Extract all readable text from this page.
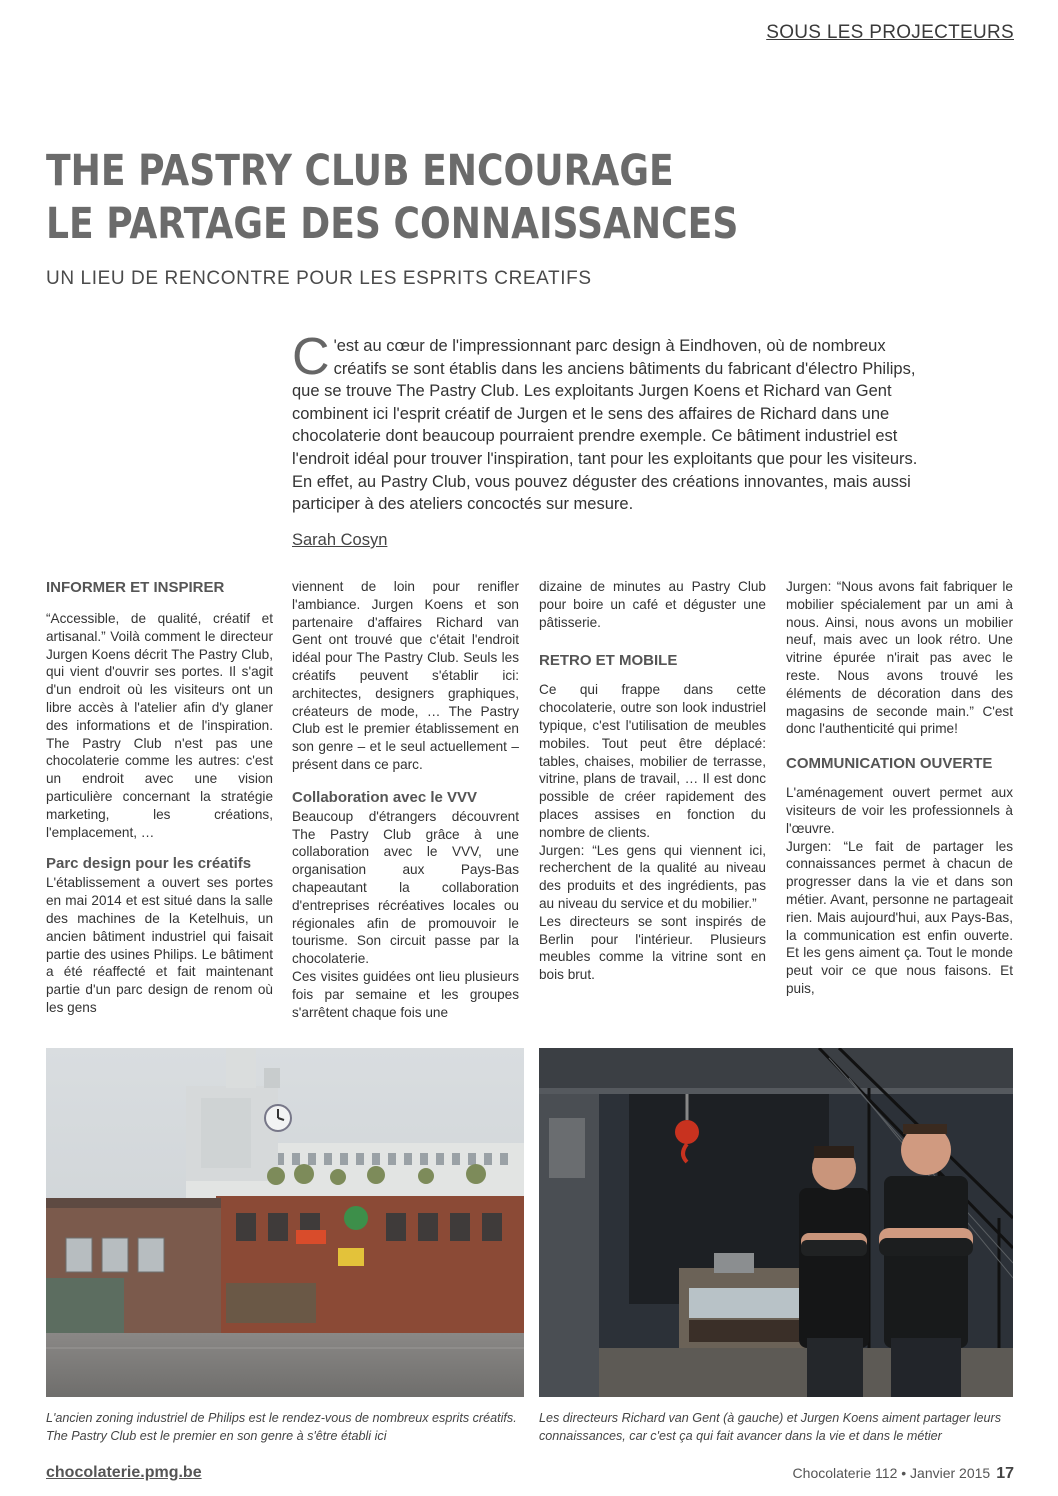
SOUS LES PROJECTEURS
THE PASTRY CLUB ENCOURAGE
LE PARTAGE DES CONNAISSANCES
UN LIEU DE RENCONTRE POUR LES ESPRITS CREATIFS

C 'est au cœur de l'impressionnant parc design à Eindhoven, où de nombreux créatifs se sont établis dans les anciens bâtiments du fabricant d'électro Philips, que se trouve The Pastry Club. Les exploitants Jurgen Koens et Richard van Gent combinent ici l'esprit créatif de Jurgen et le sens des affaires de Richard dans une chocolaterie dont beaucoup pourraient prendre exemple. Ce bâtiment industriel est l'endroit idéal pour trouver l'inspiration, tant pour les exploitants que pour les visiteurs. En effet, au Pastry Club, vous pouvez déguster des créations innovantes, mais aussi participer à des ateliers concoctés sur mesure.

Sarah Cosyn
INFORMER ET INSPIRER

“Accessible, de qualité, créatif et artisanal.” Voilà comment le directeur Jurgen Koens décrit The Pastry Club, qui vient d'ouvrir ses portes. Il s'agit d'un endroit où les visiteurs ont un libre accès à l'atelier afin d'y glaner des informations et de l'inspiration. The Pastry Club n'est pas une chocolaterie comme les autres: c'est un endroit avec une vision particulière concernant la stratégie marketing, les créations, l'emplacement, …

Parc design pour les créatifs

L'établissement a ouvert ses portes en mai 2014 et est situé dans la salle des machines de la Ketelhuis, un ancien bâtiment industriel qui faisait partie des usines Philips. Le bâtiment a été réaffecté et fait maintenant partie d'un parc design de renom où les gens

viennent de loin pour renifler l'ambiance. Jurgen Koens et son partenaire d'affaires Richard van Gent ont trouvé que c'était l'endroit idéal pour The Pastry Club. Seuls les créatifs peuvent s'établir ici: architectes, designers graphiques, créateurs de mode, … The Pastry Club est le premier établissement en son genre – et le seul actuellement – présent dans ce parc.

Collaboration avec le VVV

Beaucoup d'étrangers découvrent The Pastry Club grâce à une collaboration avec le VVV, une organisation aux Pays-Bas chapeautant la collaboration d'entreprises récréatives locales ou régionales afin de promouvoir le tourisme. Son circuit passe par la chocolaterie.

Ces visites guidées ont lieu plusieurs fois par semaine et les groupes s'arrêtent chaque fois une

dizaine de minutes au Pastry Club pour boire un café et déguster une pâtisserie.

RETRO ET MOBILE

Ce qui frappe dans cette chocolaterie, outre son look industriel typique, c'est l'utilisation de meubles mobiles. Tout peut être déplacé: tables, chaises, mobilier de terrasse, vitrine, plans de travail, … Il est donc possible de créer rapidement des places assises en fonction du nombre de clients.

Jurgen: “Les gens qui viennent ici, recherchent de la qualité au niveau des produits et des ingrédients, pas au niveau du service et du mobilier.”

Les directeurs se sont inspirés de Berlin pour l'intérieur. Plusieurs meubles comme la vitrine sont en bois brut.

Jurgen: “Nous avons fait fabriquer le mobilier spécialement par un ami à nous. Ainsi, nous avons un mobilier neuf, mais avec un look rétro. Une vitrine épurée n'irait pas avec le reste. Nous avons trouvé les éléments de décoration dans des magasins de seconde main.” C'est donc l'authenticité qui prime!

COMMUNICATION OUVERTE

L'aménagement ouvert permet aux visiteurs de voir les professionnels à l'œuvre.

Jurgen: “Le fait de partager les connaissances permet à chacun de progresser dans la vie et dans son métier. Avant, personne ne partageait rien. Mais aujourd'hui, aux Pays-Bas, la communication est enfin ouverte. Et les gens aiment ça. Tout le monde peut voir ce que nous faisons. Et puis,

L'ancien zoning industriel de Philips est le rendez-vous de nombreux esprits créatifs. The Pastry Club est le premier en son genre à s'être établi ici
Les directeurs Richard van Gent (à gauche) et Jurgen Koens aiment partager leurs connaissances, car c'est ça qui fait avancer dans la vie et dans le métier
chocolaterie.pmg.be	Chocolaterie 112 • Janvier 2015 17
